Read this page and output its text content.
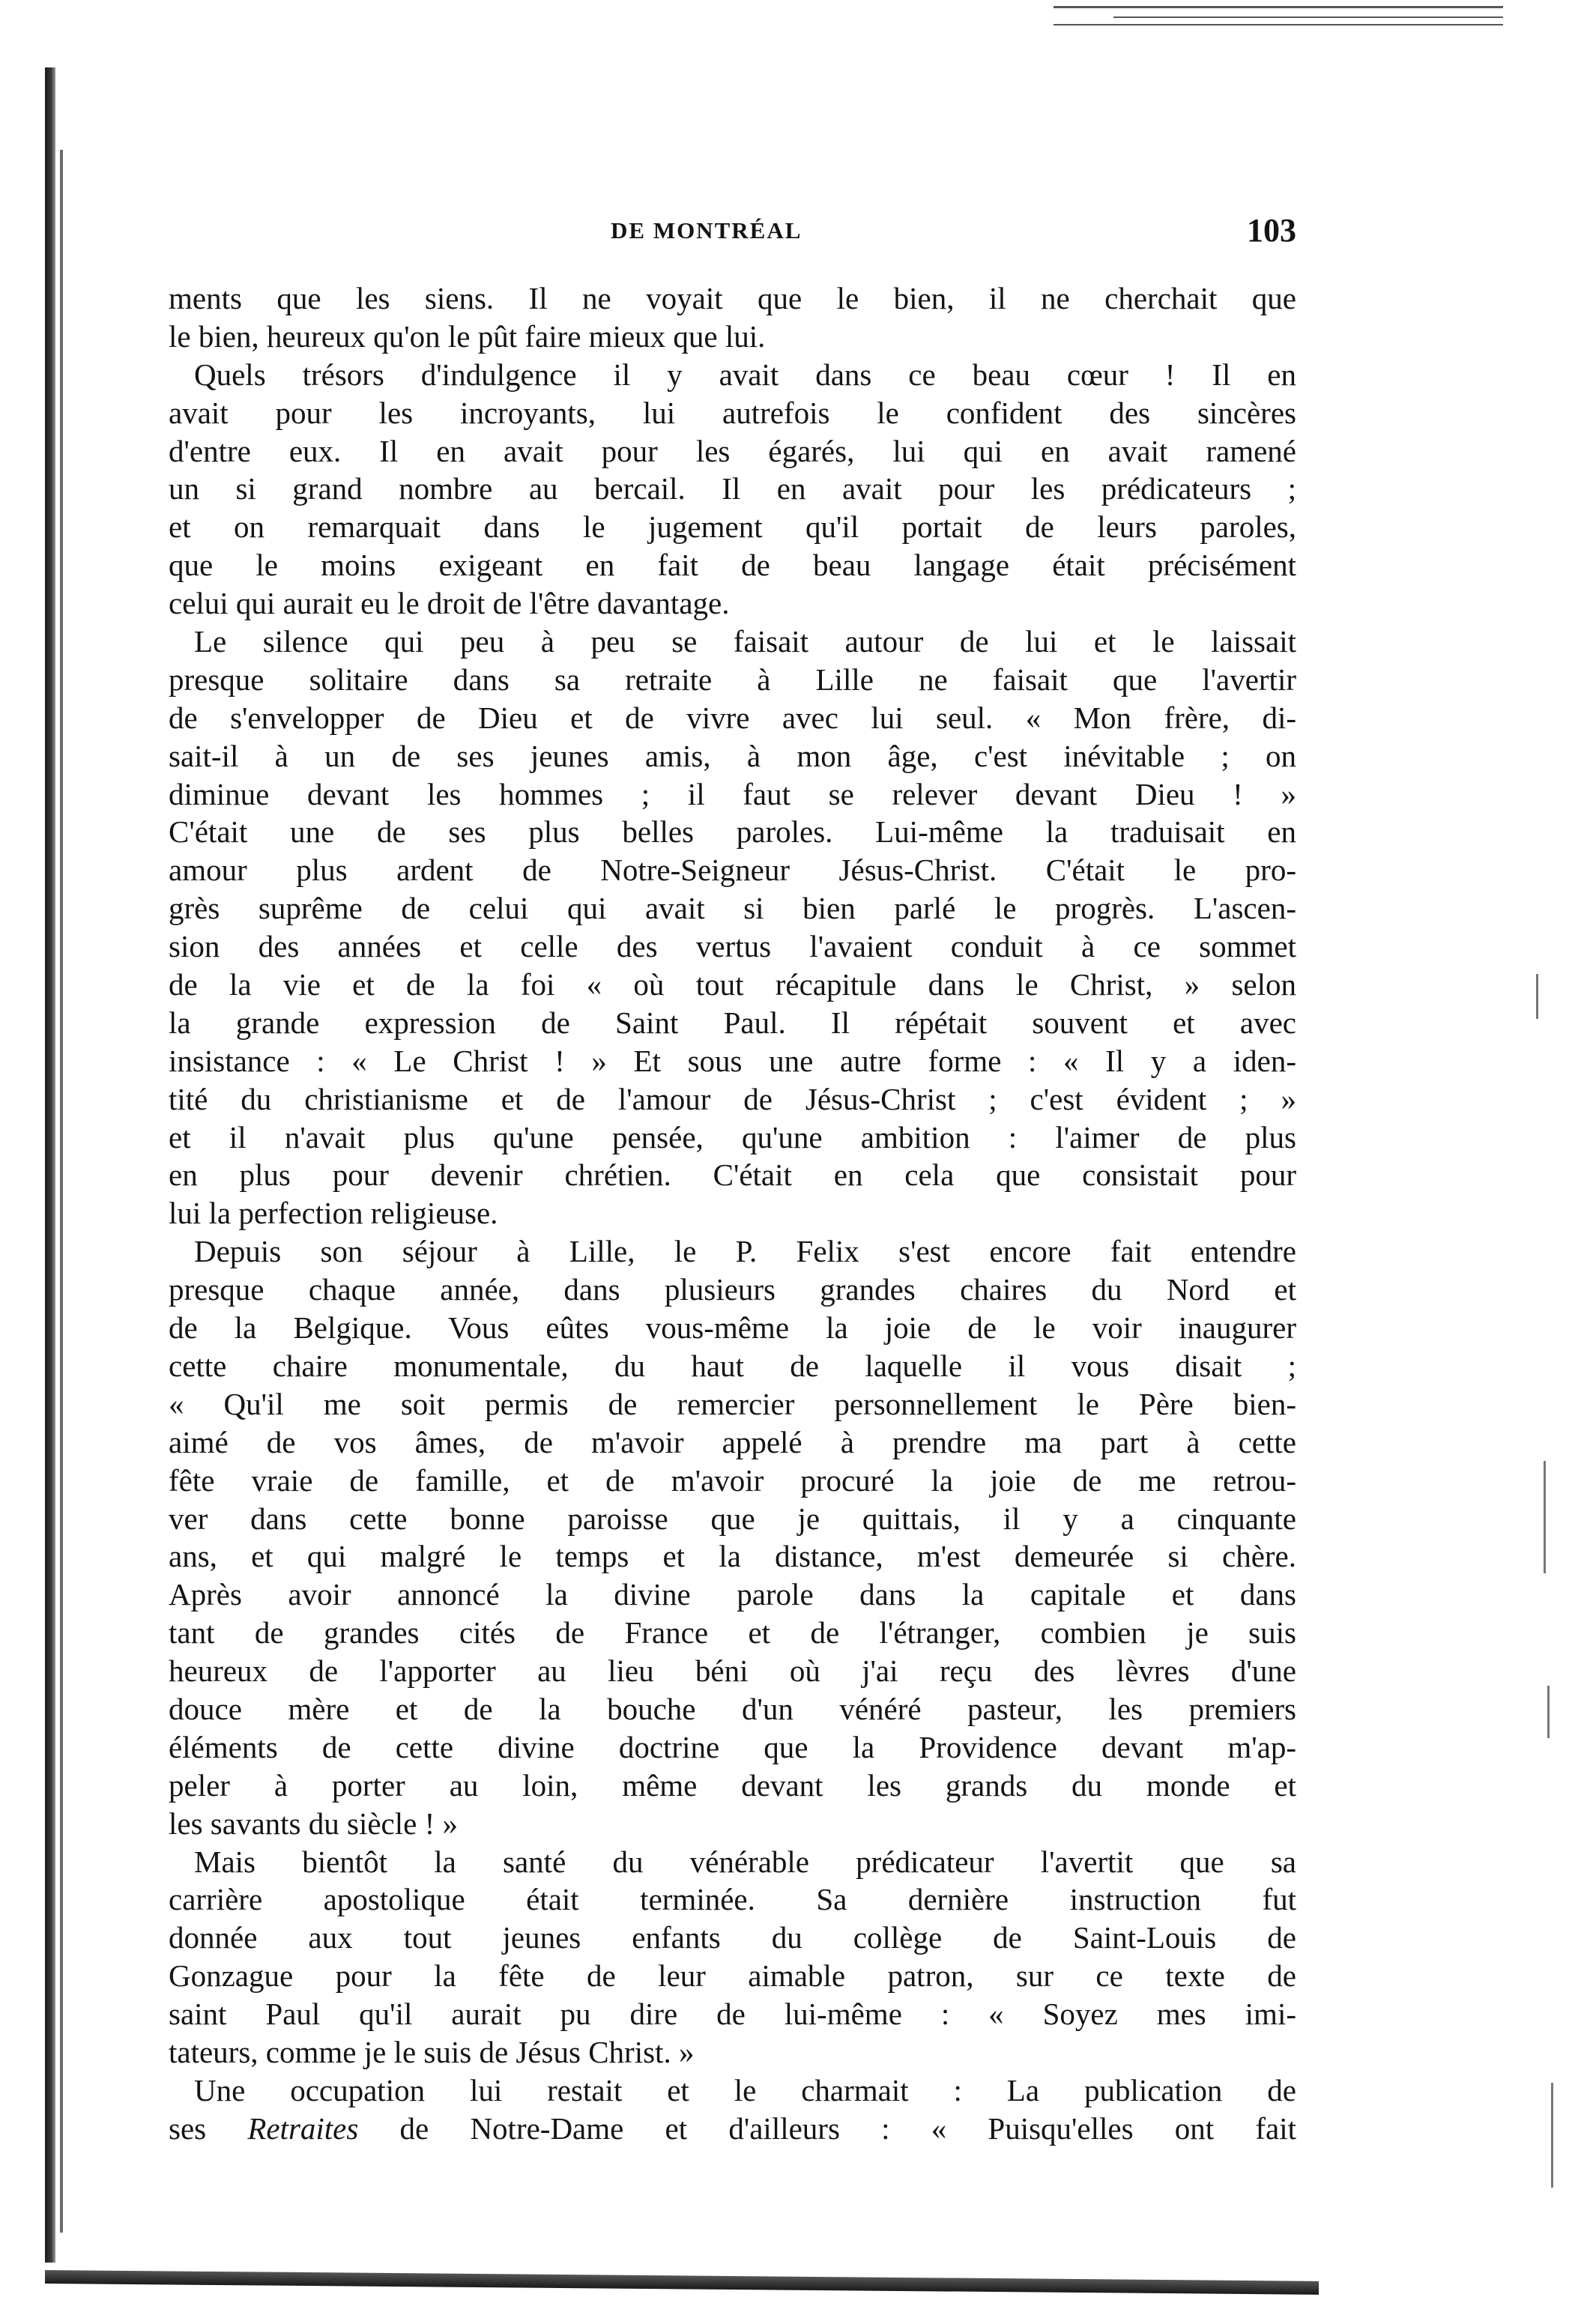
DE MONTRÉAL	103
ments que les siens. Il ne voyait que le bien, il ne cherchait que
le bien, heureux qu'on le pût faire mieux que lui.
Quels trésors d'indulgence il y avait dans ce beau cœur ! Il en
avait pour les incroyants, lui autrefois le confident des sincères
d'entre eux. Il en avait pour les égarés, lui qui en avait ramené
un si grand nombre au bercail. Il en avait pour les prédicateurs ;
et on remarquait dans le jugement qu'il portait de leurs paroles,
que le moins exigeant en fait de beau langage était précisément
celui qui aurait eu le droit de l'être davantage.
Le silence qui peu à peu se faisait autour de lui et le laissait
presque solitaire dans sa retraite à Lille ne faisait que l'avertir
de s'envelopper de Dieu et de vivre avec lui seul. « Mon frère, di-
sait-il à un de ses jeunes amis, à mon âge, c'est inévitable ; on
diminue devant les hommes ; il faut se relever devant Dieu ! »
C'était une de ses plus belles paroles. Lui-même la traduisait en
amour plus ardent de Notre-Seigneur Jésus-Christ. C'était le pro-
grès suprême de celui qui avait si bien parlé le progrès. L'ascen-
sion des années et celle des vertus l'avaient conduit à ce sommet
de la vie et de la foi « où tout récapitule dans le Christ, » selon
la grande expression de Saint Paul. Il répétait souvent et avec
insistance : « Le Christ ! » Et sous une autre forme : « Il y a iden-
tité du christianisme et de l'amour de Jésus-Christ ; c'est évident ; »
et il n'avait plus qu'une pensée, qu'une ambition : l'aimer de plus
en plus pour devenir chrétien. C'était en cela que consistait pour
lui la perfection religieuse.
Depuis son séjour à Lille, le P. Felix s'est encore fait entendre
presque chaque année, dans plusieurs grandes chaires du Nord et
de la Belgique. Vous eûtes vous-même la joie de le voir inaugurer
cette chaire monumentale, du haut de laquelle il vous disait ;
« Qu'il me soit permis de remercier personnellement le Père bien-
aimé de vos âmes, de m'avoir appelé à prendre ma part à cette
fête vraie de famille, et de m'avoir procuré la joie de me retrou-
ver dans cette bonne paroisse que je quittais, il y a cinquante
ans, et qui malgré le temps et la distance, m'est demeurée si chère.
Après avoir annoncé la divine parole dans la capitale et dans
tant de grandes cités de France et de l'étranger, combien je suis
heureux de l'apporter au lieu béni où j'ai reçu des lèvres d'une
douce mère et de la bouche d'un vénéré pasteur, les premiers
éléments de cette divine doctrine que la Providence devant m'ap-
peler à porter au loin, même devant les grands du monde et
les savants du siècle ! »
Mais bientôt la santé du vénérable prédicateur l'avertit que sa
carrière apostolique était terminée. Sa dernière instruction fut
donnée aux tout jeunes enfants du collège de Saint-Louis de
Gonzague pour la fête de leur aimable patron, sur ce texte de
saint Paul qu'il aurait pu dire de lui-même : « Soyez mes imi-
tateurs, comme je le suis de Jésus Christ. »
Une occupation lui restait et le charmait : La publication de
ses Retraites de Notre-Dame et d'ailleurs : « Puisqu'elles ont fait
